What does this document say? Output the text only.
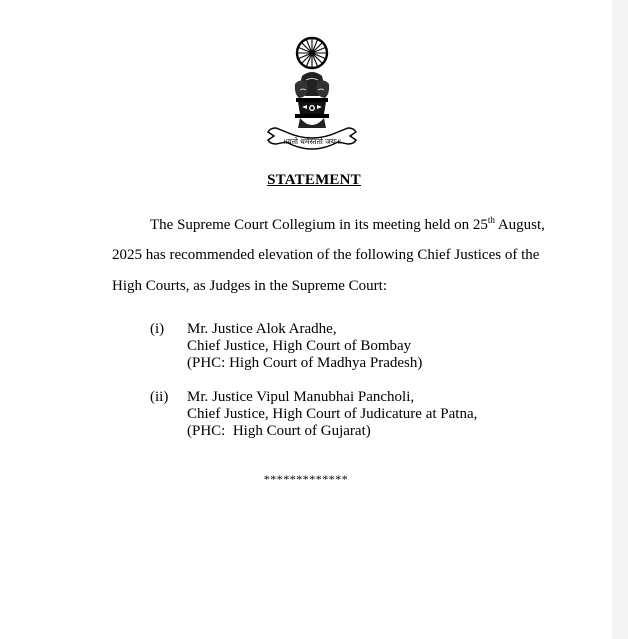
॥यतो धर्मस्ततो जयः॥
STATEMENT
The Supreme Court Collegium in its meeting held on 25th August,
2025 has recommended elevation of the following Chief Justices of the
High Courts, as Judges in the Supreme Court:
(i) Mr. Justice Alok Aradhe,
Chief Justice, High Court of Bombay
(PHC: High Court of Madhya Pradesh)
(ii) Mr. Justice Vipul Manubhai Pancholi,
Chief Justice, High Court of Judicature at Patna,
(PHC:  High Court of Gujarat)
*************
